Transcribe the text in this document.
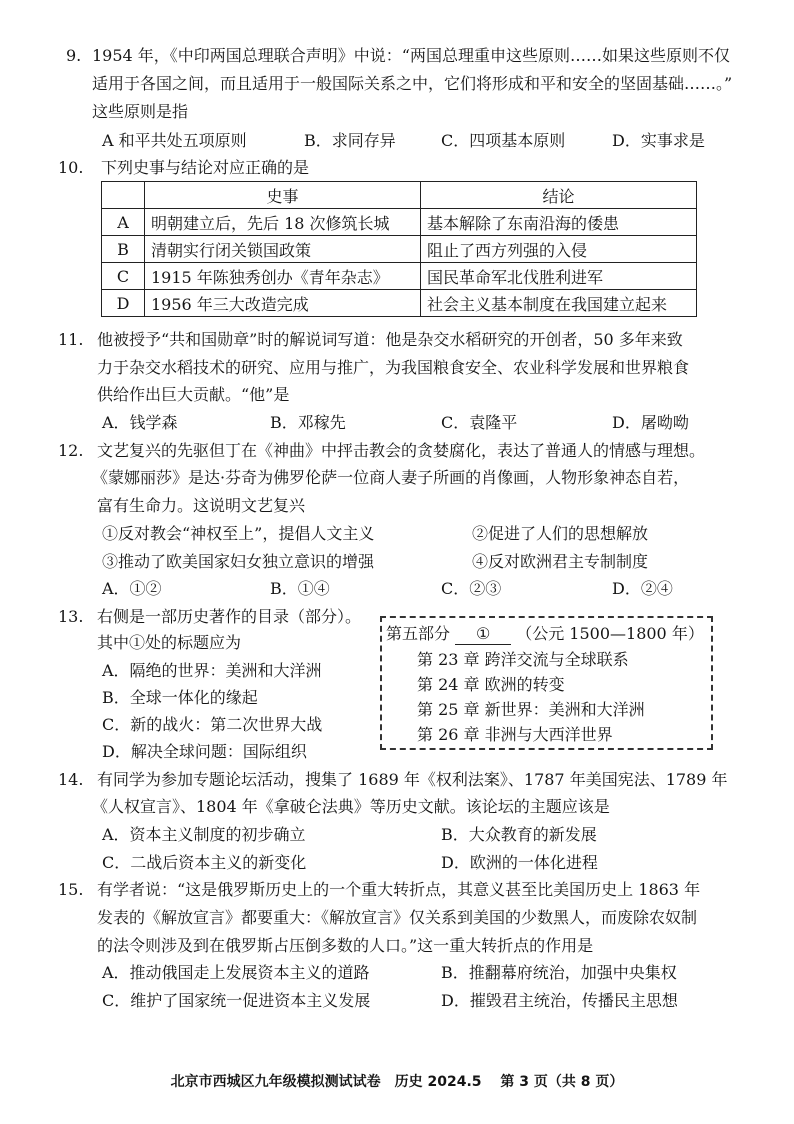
9. 1954 年，《中印两国总理联合声明》中说：“两国总理重申这些原则……如果这些原则不仅
适用于各国之间，而且适用于一般国际关系之中，它们将形成和平和安全的坚固基础……。”
这些原则是指
A 和平共处五项原则	B．求同存异	C．四项基本原则	D．实事求是
10. 下列史事与结论对应正确的是
	史事	结论
A	明朝建立后，先后 18 次修筑长城	基本解除了东南沿海的倭患
B	清朝实行闭关锁国政策	阻止了西方列强的入侵
C	1915 年陈独秀创办《青年杂志》	国民革命军北伐胜利进军
D	1956 年三大改造完成	社会主义基本制度在我国建立起来
11. 他被授予“共和国勋章”时的解说词写道：他是杂交水稻研究的开创者，50 多年来致
力于杂交水稻技术的研究、应用与推广，为我国粮食安全、农业科学发展和世界粮食
供给作出巨大贡献。“他”是
A．钱学森	B．邓稼先	C．袁隆平	D．屠呦呦
12. 文艺复兴的先驱但丁在《神曲》中抨击教会的贪婪腐化，表达了普通人的情感与理想。
《蒙娜丽莎》是达·芬奇为佛罗伦萨一位商人妻子所画的肖像画，人物形象神态自若，
富有生命力。这说明文艺复兴
①反对教会“神权至上”，提倡人文主义	②促进了人们的思想解放
③推动了欧美国家妇女独立意识的增强	④反对欧洲君主专制制度
A．①②	B．①④	C．②③	D．②④
13. 右侧是一部历史著作的目录（部分）。
其中①处的标题应为
A．隔绝的世界：美洲和大洋洲
B．全球一体化的缘起
C．新的战火：第二次世界大战
D．解决全球问题：国际组织
第五部分 ① （公元 1500—1800 年）
第 23 章 跨洋交流与全球联系
第 24 章 欧洲的转变
第 25 章 新世界：美洲和大洋洲
第 26 章 非洲与大西洋世界
14. 有同学为参加专题论坛活动，搜集了 1689 年《权利法案》、1787 年美国宪法、1789 年
《人权宣言》、1804 年《拿破仑法典》等历史文献。该论坛的主题应该是
A．资本主义制度的初步确立	B．大众教育的新发展
C．二战后资本主义的新变化	D．欧洲的一体化进程
15. 有学者说：“这是俄罗斯历史上的一个重大转折点，其意义甚至比美国历史上 1863 年
发表的《解放宣言》都要重大：《解放宣言》仅关系到美国的少数黑人，而废除农奴制
的法令则涉及到在俄罗斯占压倒多数的人口。”这一重大转折点的作用是
A．推动俄国走上发展资本主义的道路	B．推翻幕府统治，加强中央集权
C．维护了国家统一促进资本主义发展	D．摧毁君主统治，传播民主思想
北京市西城区九年级模拟测试试卷　历史 2024.5　 第 3 页（共 8 页）
